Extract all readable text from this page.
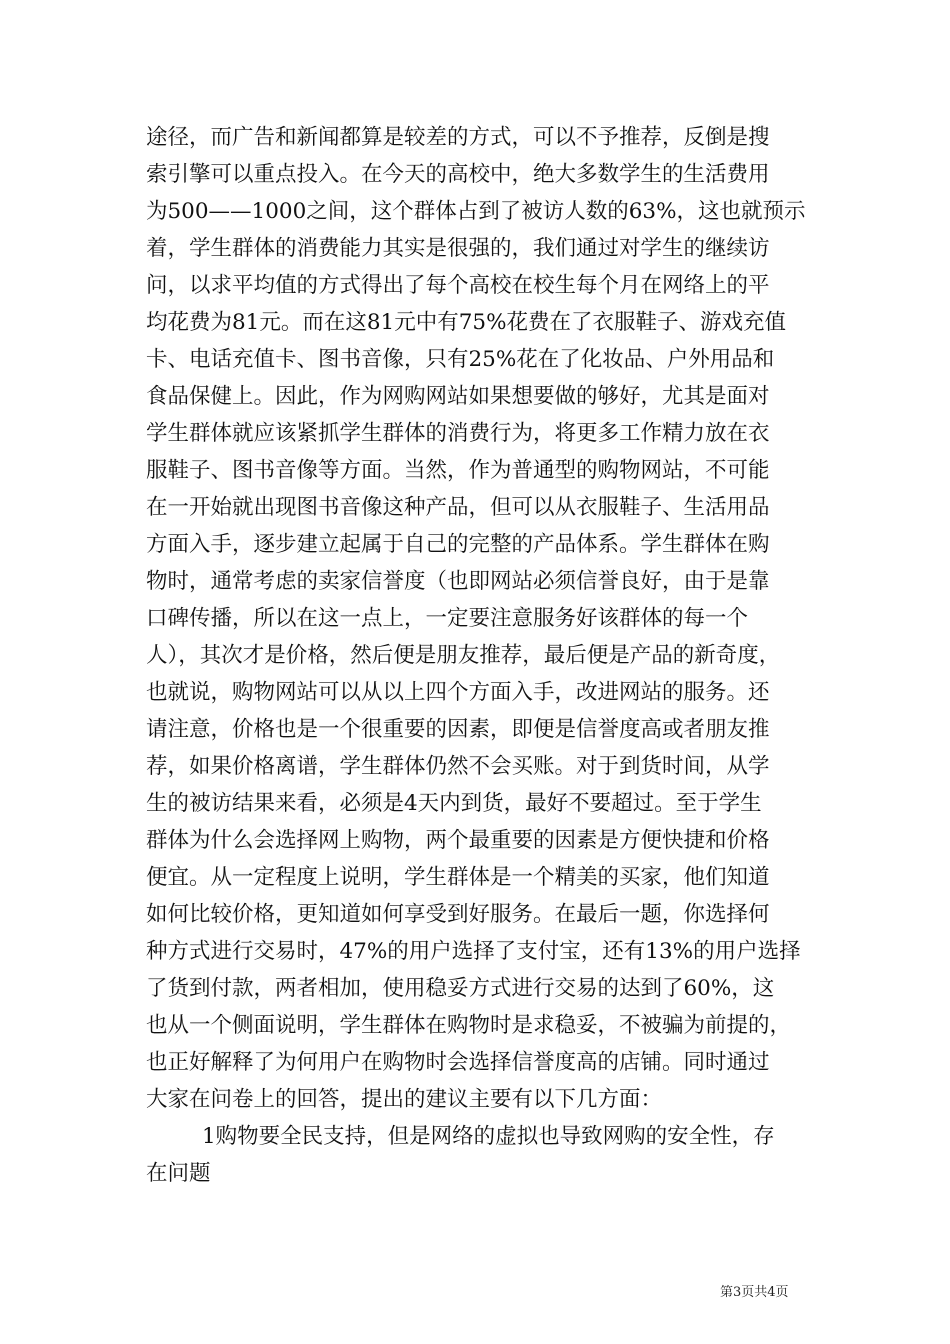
途径，而广告和新闻都算是较差的方式，可以不予推荐，反倒是搜
索引擎可以重点投入。在今天的高校中，绝大多数学生的生活费用
为500——1000之间，这个群体占到了被访人数的63%，这也就预示
着，学生群体的消费能力其实是很强的，我们通过对学生的继续访
问，以求平均值的方式得出了每个高校在校生每个月在网络上的平
均花费为81元。而在这81元中有75%花费在了衣服鞋子、游戏充值
卡、电话充值卡、图书音像，只有25%花在了化妆品、户外用品和
食品保健上。因此，作为网购网站如果想要做的够好，尤其是面对
学生群体就应该紧抓学生群体的消费行为，将更多工作精力放在衣
服鞋子、图书音像等方面。当然，作为普通型的购物网站，不可能
在一开始就出现图书音像这种产品，但可以从衣服鞋子、生活用品
方面入手，逐步建立起属于自己的完整的产品体系。学生群体在购
物时，通常考虑的卖家信誉度（也即网站必须信誉良好，由于是靠
口碑传播，所以在这一点上，一定要注意服务好该群体的每一个
人），其次才是价格，然后便是朋友推荐，最后便是产品的新奇度，
也就说，购物网站可以从以上四个方面入手，改进网站的服务。还
请注意，价格也是一个很重要的因素，即便是信誉度高或者朋友推
荐，如果价格离谱，学生群体仍然不会买账。对于到货时间，从学
生的被访结果来看，必须是4天内到货，最好不要超过。至于学生
群体为什么会选择网上购物，两个最重要的因素是方便快捷和价格
便宜。从一定程度上说明，学生群体是一个精美的买家，他们知道
如何比较价格，更知道如何享受到好服务。在最后一题，你选择何
种方式进行交易时，47%的用户选择了支付宝，还有13%的用户选择
了货到付款，两者相加，使用稳妥方式进行交易的达到了60%，这
也从一个侧面说明，学生群体在购物时是求稳妥，不被骗为前提的，
也正好解释了为何用户在购物时会选择信誉度高的店铺。同时通过
大家在问卷上的回答，提出的建议主要有以下几方面：
1购物要全民支持，但是网络的虚拟也导致网购的安全性，存
在问题
第3页共4页
